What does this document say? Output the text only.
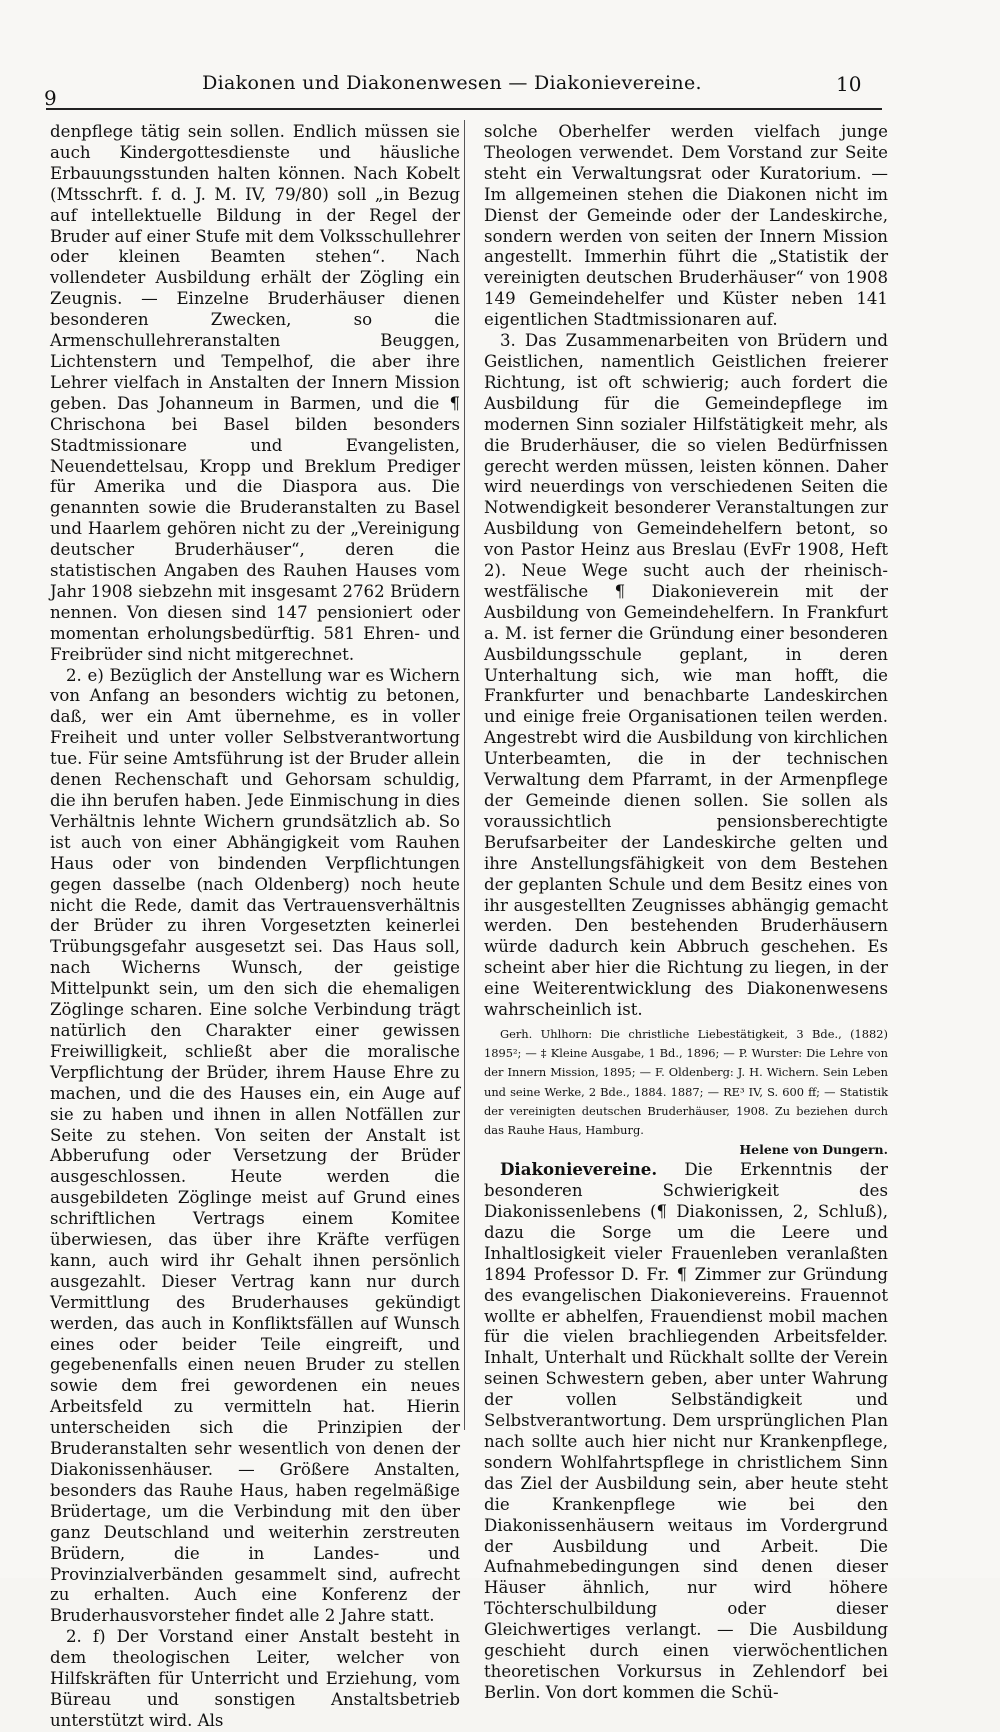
9
Diakonen und Diakonenwesen — Diakonievereine.	10

denpflege tätig sein sollen. Endlich müssen sie auch Kindergottesdienste und häusliche Erbauungsstunden halten können. Nach Kobelt (Mtsschrft. f. d. J. M. IV, 79/80) soll „in Bezug auf intellektuelle Bildung in der Regel der Bruder auf einer Stufe mit dem Volksschullehrer oder kleinen Beamten stehen“. Nach vollendeter Ausbildung erhält der Zögling ein Zeugnis. — Einzelne Bruderhäuser dienen besonderen Zwecken, so die Armenschullehreranstalten Beuggen, Lichtenstern und Tempelhof, die aber ihre Lehrer vielfach in Anstalten der Innern Mission geben. Das Johanneum in Barmen, und die ¶ Chrischona bei Basel bilden besonders Stadtmissionare und Evangelisten, Neuendettelsau, Kropp und Breklum Prediger für Amerika und die Diaspora aus. Die genannten sowie die Bruderanstalten zu Basel und Haarlem gehören nicht zu der „Vereinigung deutscher Bruderhäuser“, deren die statistischen Angaben des Rauhen Hauses vom Jahr 1908 siebzehn mit insgesamt 2762 Brüdern nennen. Von diesen sind 147 pensioniert oder momentan erholungsbedürftig. 581 Ehren- und Freibrüder sind nicht mitgerechnet.

2. e) Bezüglich der Anstellung war es Wichern von Anfang an besonders wichtig zu betonen, daß, wer ein Amt übernehme, es in voller Freiheit und unter voller Selbstverantwortung tue. Für seine Amtsführung ist der Bruder allein denen Rechenschaft und Gehorsam schuldig, die ihn berufen haben. Jede Einmischung in dies Verhältnis lehnte Wichern grundsätzlich ab. So ist auch von einer Abhängigkeit vom Rauhen Haus oder von bindenden Verpflichtungen gegen dasselbe (nach Oldenberg) noch heute nicht die Rede, damit das Vertrauensverhältnis der Brüder zu ihren Vorgesetzten keinerlei Trübungsgefahr ausgesetzt sei. Das Haus soll, nach Wicherns Wunsch, der geistige Mittelpunkt sein, um den sich die ehemaligen Zöglinge scharen. Eine solche Verbindung trägt natürlich den Charakter einer gewissen Freiwilligkeit, schließt aber die moralische Verpflichtung der Brüder, ihrem Hause Ehre zu machen, und die des Hauses ein, ein Auge auf sie zu haben und ihnen in allen Notfällen zur Seite zu stehen. Von seiten der Anstalt ist Abberufung oder Versetzung der Brüder ausgeschlossen. Heute werden die ausgebildeten Zöglinge meist auf Grund eines schriftlichen Vertrags einem Komitee überwiesen, das über ihre Kräfte verfügen kann, auch wird ihr Gehalt ihnen persönlich ausgezahlt. Dieser Vertrag kann nur durch Vermittlung des Bruderhauses gekündigt werden, das auch in Konfliktsfällen auf Wunsch eines oder beider Teile eingreift, und gegebenenfalls einen neuen Bruder zu stellen sowie dem frei gewordenen ein neues Arbeitsfeld zu vermitteln hat. Hierin unterscheiden sich die Prinzipien der Bruderanstalten sehr wesentlich von denen der Diakonissenhäuser. — Größere Anstalten, besonders das Rauhe Haus, haben regelmäßige Brüdertage, um die Verbindung mit den über ganz Deutschland und weiterhin zerstreuten Brüdern, die in Landes- und Provinzialverbänden gesammelt sind, aufrecht zu erhalten. Auch eine Konferenz der Bruderhausvorsteher findet alle 2 Jahre statt.

2. f) Der Vorstand einer Anstalt besteht in dem theologischen Leiter, welcher von Hilfskräften für Unterricht und Erziehung, vom Büreau und sonstigen Anstaltsbetrieb unterstützt wird. Als

solche Oberhelfer werden vielfach junge Theologen verwendet. Dem Vorstand zur Seite steht ein Verwaltungsrat oder Kuratorium. — Im allgemeinen stehen die Diakonen nicht im Dienst der Gemeinde oder der Landeskirche, sondern werden von seiten der Innern Mission angestellt. Immerhin führt die „Statistik der vereinigten deutschen Bruderhäuser“ von 1908 149 Gemeindehelfer und Küster neben 141 eigentlichen Stadtmissionaren auf.

3. Das Zusammenarbeiten von Brüdern und Geistlichen, namentlich Geistlichen freierer Richtung, ist oft schwierig; auch fordert die Ausbildung für die Gemeindepflege im modernen Sinn sozialer Hilfstätigkeit mehr, als die Bruderhäuser, die so vielen Bedürfnissen gerecht werden müssen, leisten können. Daher wird neuerdings von verschiedenen Seiten die Notwendigkeit besonderer Veranstaltungen zur Ausbildung von Gemeindehelfern betont, so von Pastor Heinz aus Breslau (EvFr 1908, Heft 2). Neue Wege sucht auch der rheinisch-westfälische ¶ Diakonieverein mit der Ausbildung von Gemeindehelfern. In Frankfurt a. M. ist ferner die Gründung einer besonderen Ausbildungsschule geplant, in deren Unterhaltung sich, wie man hofft, die Frankfurter und benachbarte Landeskirchen und einige freie Organisationen teilen werden. Angestrebt wird die Ausbildung von kirchlichen Unterbeamten, die in der technischen Verwaltung dem Pfarramt, in der Armenpflege der Gemeinde dienen sollen. Sie sollen als voraussichtlich pensionsberechtigte Berufsarbeiter der Landeskirche gelten und ihre Anstellungsfähigkeit von dem Bestehen der geplanten Schule und dem Besitz eines von ihr ausgestellten Zeugnisses abhängig gemacht werden. Den bestehenden Bruderhäusern würde dadurch kein Abbruch geschehen. Es scheint aber hier die Richtung zu liegen, in der eine Weiterentwicklung des Diakonenwesens wahrscheinlich ist.

Gerh. Uhlhorn: Die christliche Liebestätigkeit, 3 Bde., (1882) 1895²; — ‡ Kleine Ausgabe, 1 Bd., 1896; — P. Wurster: Die Lehre von der Innern Mission, 1895; — F. Oldenberg: J. H. Wichern. Sein Leben und seine Werke, 2 Bde., 1884. 1887; — RE³ IV, S. 600 ff; — Statistik der vereinigten deutschen Bruderhäuser, 1908. Zu beziehen durch das Rauhe Haus, Hamburg.

Helene von Dungern.

Diakonievereine. Die Erkenntnis der besonderen Schwierigkeit des Diakonissenlebens (¶ Diakonissen, 2, Schluß), dazu die Sorge um die Leere und Inhaltlosigkeit vieler Frauenleben veranlaßten 1894 Professor D. Fr. ¶ Zimmer zur Gründung des evangelischen Diakonievereins. Frauennot wollte er abhelfen, Frauendienst mobil machen für die vielen brachliegenden Arbeitsfelder. Inhalt, Unterhalt und Rückhalt sollte der Verein seinen Schwestern geben, aber unter Wahrung der vollen Selbständigkeit und Selbstverantwortung. Dem ursprünglichen Plan nach sollte auch hier nicht nur Krankenpflege, sondern Wohlfahrtspflege in christlichem Sinn das Ziel der Ausbildung sein, aber heute steht die Krankenpflege wie bei den Diakonissenhäusern weitaus im Vordergrund der Ausbildung und Arbeit. Die Aufnahmebedingungen sind denen dieser Häuser ähnlich, nur wird höhere Töchterschulbildung oder dieser Gleichwertiges verlangt. — Die Ausbildung geschieht durch einen vierwöchentlichen theoretischen Vorkursus in Zehlendorf bei Berlin. Von dort kommen die Schü-
